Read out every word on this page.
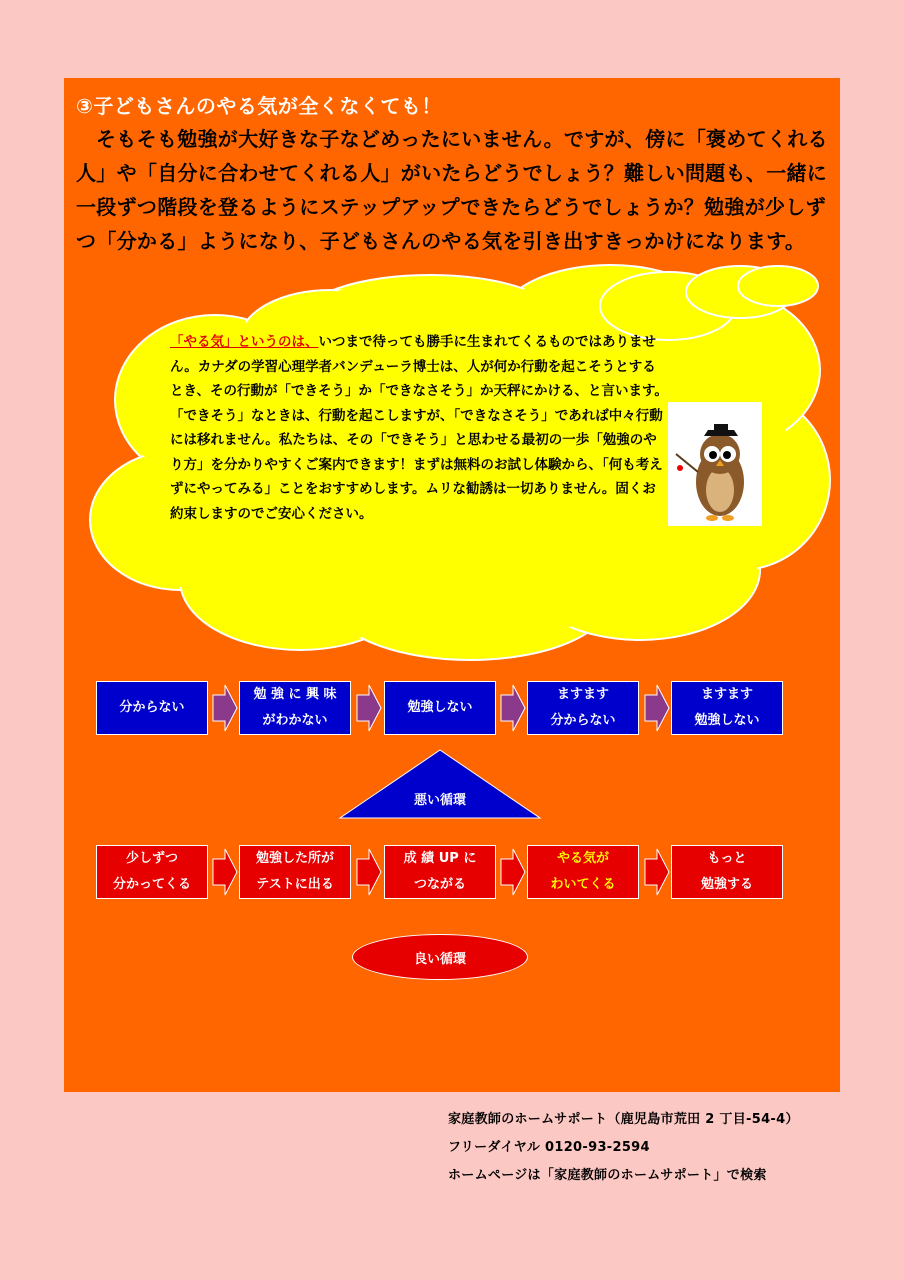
③子どもさんのやる気が全くなくても！
そもそも勉強が大好きな子などめったにいません。ですが、傍に「褒めてくれる人」や「自分に合わせてくれる人」がいたらどうでしょう？難しい問題も、一緒に一段ずつ階段を登るようにステップアップできたらどうでしょうか？勉強が少しずつ「分かる」ようになり、子どもさんのやる気を引き出すきっかけになります。
「やる気」というのは、いつまで待っても勝手に生まれてくるものではありません。カナダの学習心理学者バンデューラ博士は、人が何か行動を起こそうとするとき、その行動が「できそう」か「できなさそう」か天秤にかける、と言います。「できそう」なときは、行動を起こしますが、「できなさそう」であれば中々行動には移れません。私たちは、その「できそう」と思わせる最初の一歩「勉強のやり方」を分かりやすくご案内できます！まずは無料のお試し体験から、「何も考えずにやってみる」ことをおすすめします。ムリな勧誘は一切ありません。固くお約束しますのでご安心ください。
分からない
勉 強 に 興 味
がわかない
勉強しない
ますます
分からない
ますます
勉強しない
悪い循環
少しずつ
分かってくる
勉強した所が
テストに出る
成 績 UP に
つながる
やる気が
わいてくる
もっと
勉強する
良い循環
家庭教師のホームサポート（鹿児島市荒田 2 丁目-54-4）
フリーダイヤル 0120-93-2594
ホームページは「家庭教師のホームサポート」で検索
